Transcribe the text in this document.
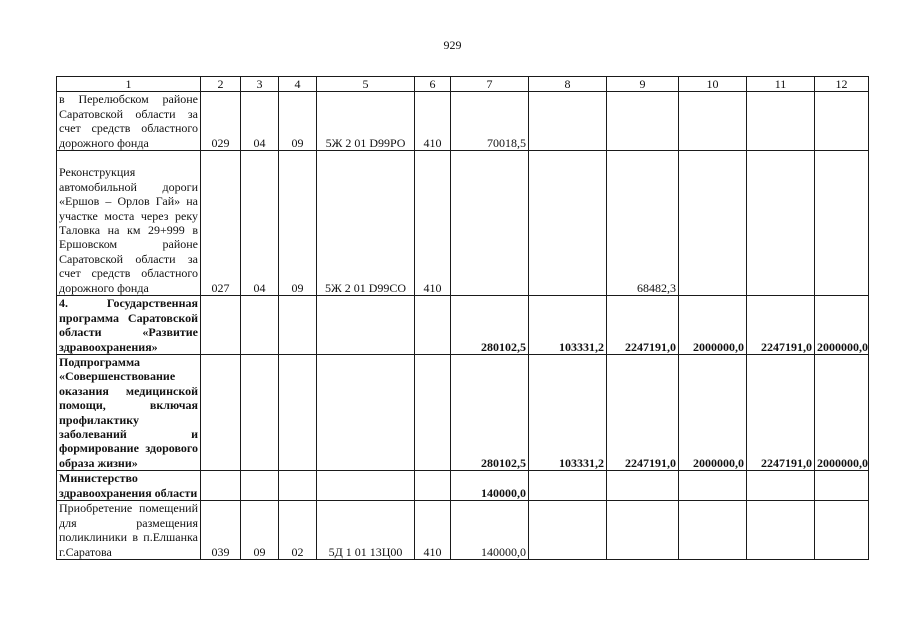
929
1	2	3	4	5	6	7	8	9	10	11	12
в Перелюбском районе Саратовской области за счет средств областного дорожного фонда	029	04	09	5Ж 2 01 D99PO	410	70018,5					
Реконструкция автомобильной дороги «Ершов – Орлов Гай» на участке моста через реку Таловка на км 29+999 в Ершовском районе Саратовской области за счет средств областного дорожного фонда	027	04	09	5Ж 2 01 D99CO	410			68482,3			
4. Государственная программа Саратовской области «Развитие здравоохранения»						280102,5	103331,2	2247191,0	2000000,0	2247191,0	2000000,0
Подпрограмма «Совершенствование оказания медицинской помощи, включая профилактику заболеваний и формирование здорового образа жизни»						280102,5	103331,2	2247191,0	2000000,0	2247191,0	2000000,0
Министерство здравоохранения области						140000,0					
Приобретение помещений для размещения поликлиники в п.Елшанка г.Саратова	039	09	02	5Д 1 01 13Ц00	410	140000,0					
